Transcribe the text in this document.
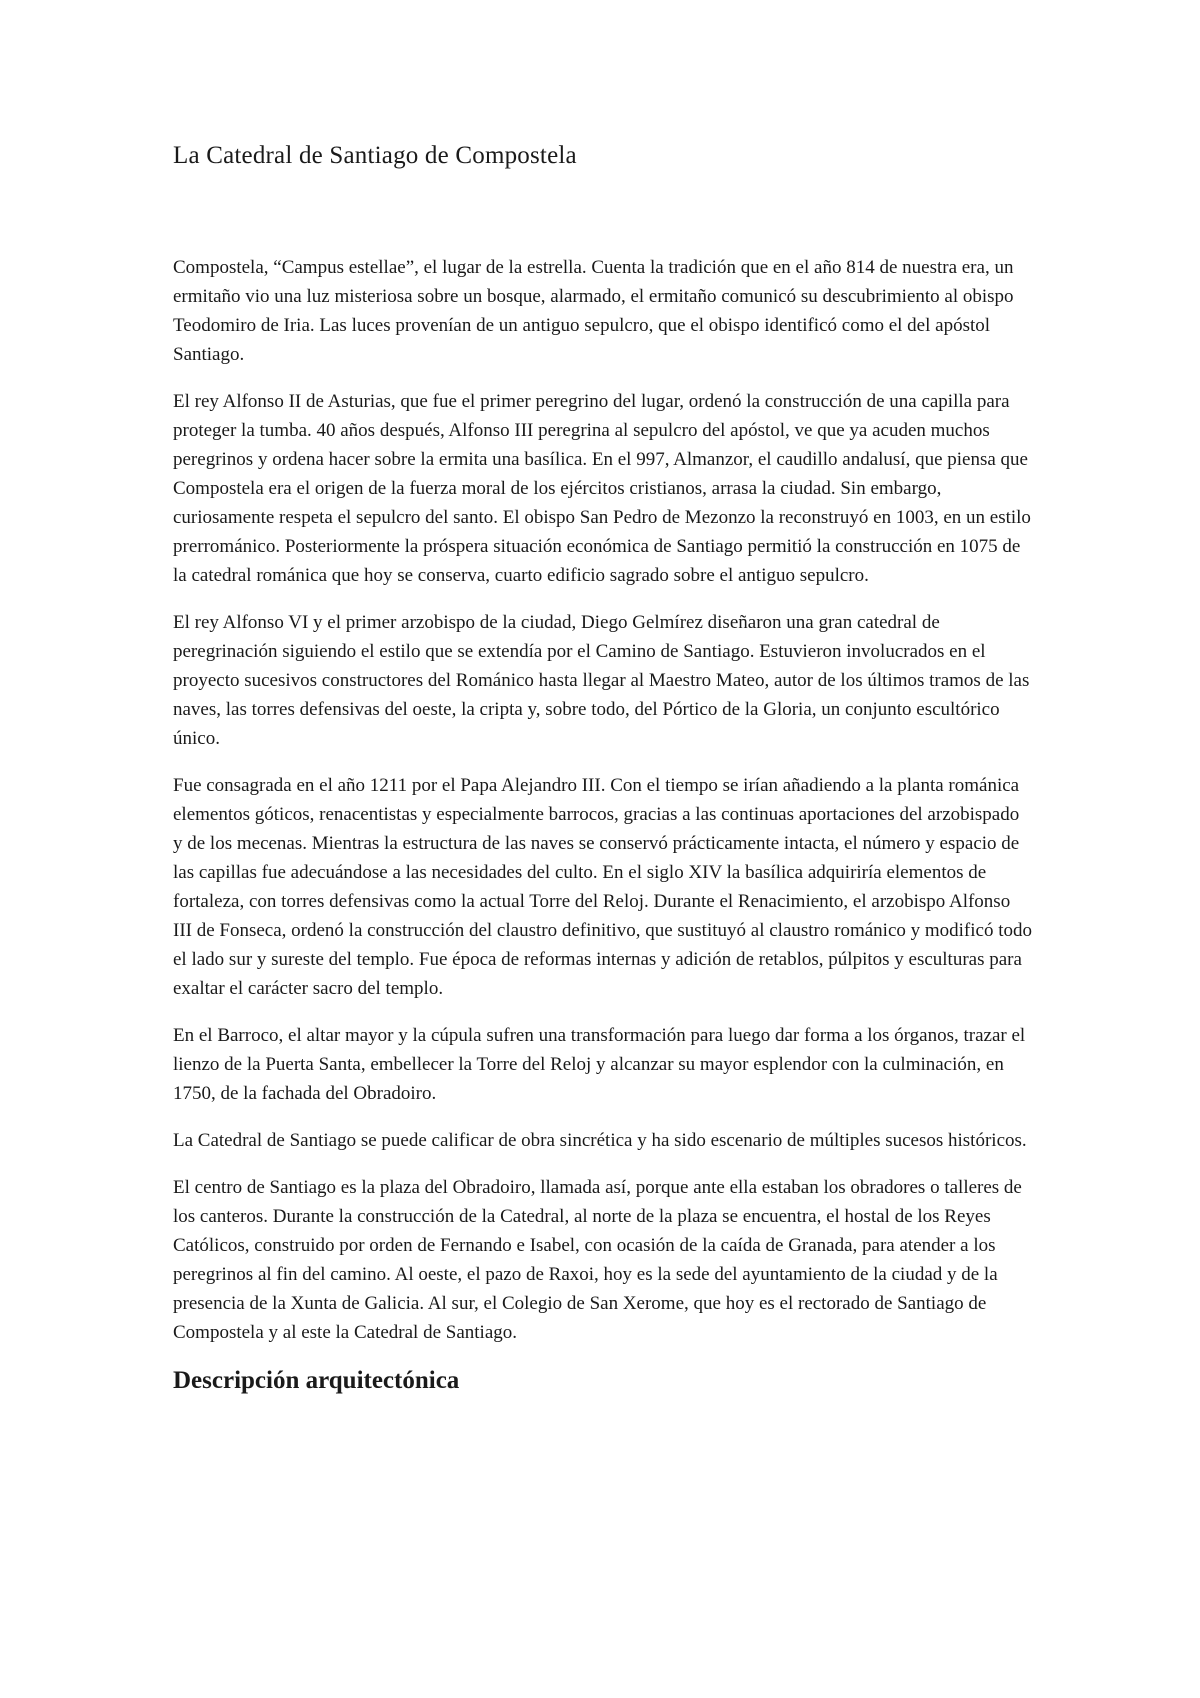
La Catedral de Santiago de Compostela

Compostela, “Campus estellae”, el lugar de la estrella. Cuenta la tradición que en el año 814 de nuestra era, un ermitaño vio una luz misteriosa sobre un bosque, alarmado, el ermitaño comunicó su descubrimiento al obispo Teodomiro de Iria. Las luces provenían de un antiguo sepulcro, que el obispo identificó como el del apóstol Santiago.

El rey Alfonso II de Asturias, que fue el primer peregrino del lugar, ordenó la construcción de una capilla para proteger la tumba. 40 años después, Alfonso III peregrina al sepulcro del apóstol, ve que ya acuden muchos peregrinos y ordena hacer sobre la ermita una basílica. En el 997, Almanzor, el caudillo andalusí, que piensa que Compostela era el origen de la fuerza moral de los ejércitos cristianos, arrasa la ciudad. Sin embargo, curiosamente respeta el sepulcro del santo. El obispo San Pedro de Mezonzo la reconstruyó en 1003, en un estilo prerrománico. Posteriormente la próspera situación económica de Santiago permitió la construcción en 1075 de la catedral románica que hoy se conserva, cuarto edificio sagrado sobre el antiguo sepulcro.

El rey Alfonso VI y el primer arzobispo de la ciudad, Diego Gelmírez diseñaron una gran catedral de peregrinación siguiendo el estilo que se extendía por el Camino de Santiago. Estuvieron involucrados en el proyecto sucesivos constructores del Románico hasta llegar al Maestro Mateo, autor de los últimos tramos de las naves, las torres defensivas del oeste, la cripta y, sobre todo, del Pórtico de la Gloria, un conjunto escultórico único.

Fue consagrada en el año 1211 por el Papa Alejandro III. Con el tiempo se irían añadiendo a la planta románica elementos góticos, renacentistas y especialmente barrocos, gracias a las continuas aportaciones del arzobispado y de los mecenas. Mientras la estructura de las naves se conservó prácticamente intacta, el número y espacio de las capillas fue adecuándose a las necesidades del culto. En el siglo XIV la basílica adquiriría elementos de fortaleza, con torres defensivas como la actual Torre del Reloj. Durante el Renacimiento, el arzobispo Alfonso III de Fonseca, ordenó la construcción del claustro definitivo, que sustituyó al claustro románico y modificó todo el lado sur y sureste del templo. Fue época de reformas internas y adición de retablos, púlpitos y esculturas para exaltar el carácter sacro del templo.

En el Barroco, el altar mayor y la cúpula sufren una transformación para luego dar forma a los órganos, trazar el lienzo de la Puerta Santa, embellecer la Torre del Reloj y alcanzar su mayor esplendor con la culminación, en 1750, de la fachada del Obradoiro.

La Catedral de Santiago se puede calificar de obra sincrética y ha sido escenario de múltiples sucesos históricos.

El centro de Santiago es la plaza del Obradoiro, llamada así, porque ante ella estaban los obradores o talleres de los canteros. Durante la construcción de la Catedral, al norte de la plaza se encuentra, el hostal de los Reyes Católicos, construido por orden de Fernando e Isabel, con ocasión de la caída de Granada, para atender a los peregrinos al fin del camino. Al oeste, el pazo de Raxoi, hoy es la sede del ayuntamiento de la ciudad y de la presencia de la Xunta de Galicia. Al sur, el Colegio de San Xerome, que hoy es el rectorado de Santiago de Compostela y al este la Catedral de Santiago.

Descripción arquitectónica
